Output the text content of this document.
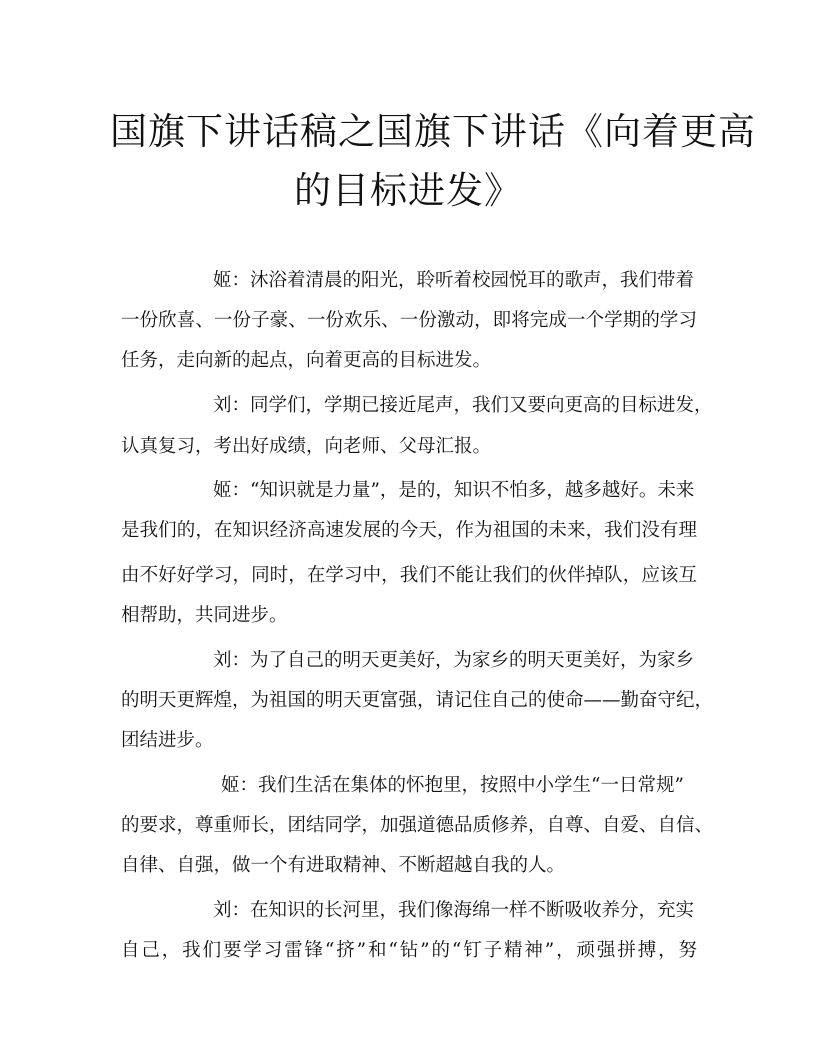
国旗下讲话稿之国旗下讲话《向着更高
的目标进发》
姬：沐浴着清晨的阳光，聆听着校园悦耳的歌声，我们带着
一份欣喜、一份子豪、一份欢乐、一份激动，即将完成一个学期的学习
任务，走向新的起点，向着更高的目标进发。
刘：同学们，学期已接近尾声，我们又要向更高的目标进发，
认真复习，考出好成绩，向老师、父母汇报。
姬：“知识就是力量”，是的，知识不怕多，越多越好。未来
是我们的，在知识经济高速发展的今天，作为祖国的未来，我们没有理
由不好好学习，同时，在学习中，我们不能让我们的伙伴掉队，应该互
相帮助，共同进步。
刘：为了自己的明天更美好，为家乡的明天更美好，为家乡
的明天更辉煌，为祖国的明天更富强，请记住自己的使命——勤奋守纪，
团结进步。
姬：我们生活在集体的怀抱里，按照中小学生“一日常规”
的要求，尊重师长，团结同学，加强道德品质修养，自尊、自爱、自信、
自律、自强，做一个有进取精神、不断超越自我的人。
刘：在知识的长河里，我们像海绵一样不断吸收养分，充实
自己，我们要学习雷锋“挤”和“钻”的“钉子精神”，顽强拼搏，努
